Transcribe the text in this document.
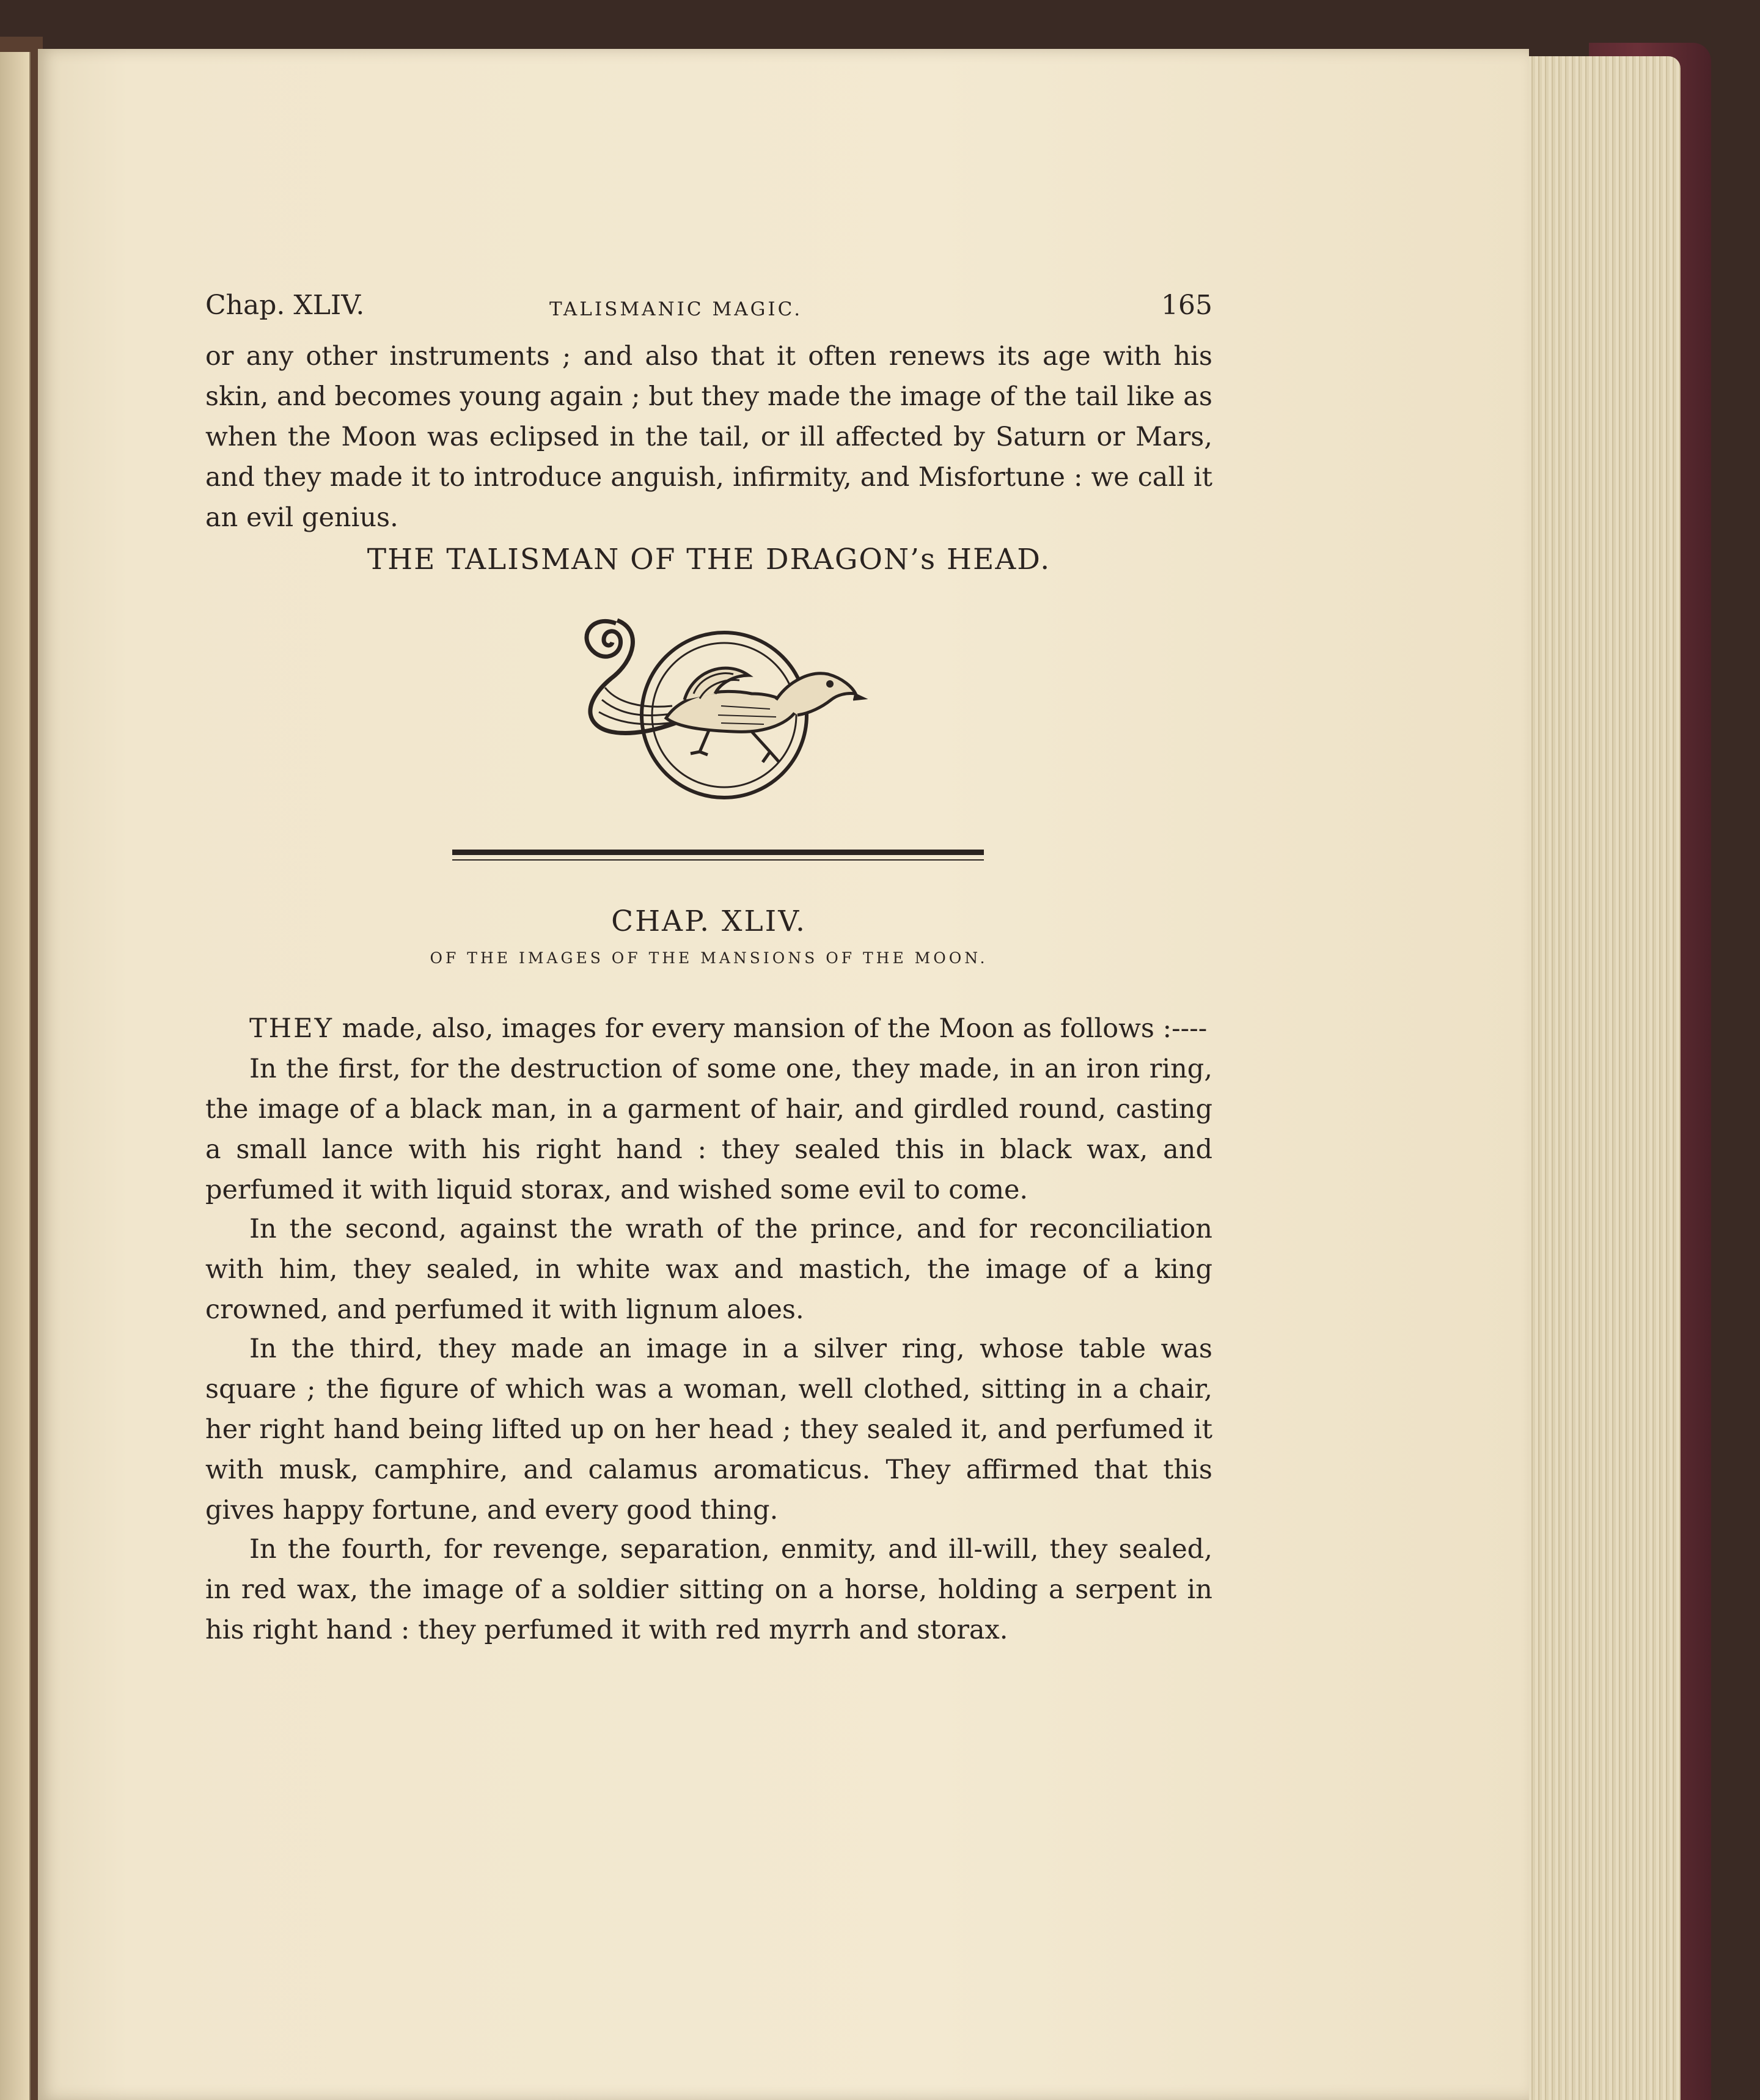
Chap. XLIV.	TALISMANIC MAGIC.	165

or any other instruments ; and also that it often renews its age with his skin, and becomes young again ; but they made the image of the tail like as when the Moon was eclipsed in the tail, or ill affected by Saturn or Mars, and they made it to introduce anguish, infirmity, and Misfortune : we call it an evil genius.

THE TALISMAN OF THE DRAGON’s HEAD.
CHAP. XLIV.
OF THE IMAGES OF THE MANSIONS OF THE MOON.

THEY made, also, images for every mansion of the Moon as follows :----

In the first, for the destruction of some one, they made, in an iron ring, the image of a black man, in a garment of hair, and girdled round, casting a small lance with his right hand : they sealed this in black wax, and perfumed it with liquid storax, and wished some evil to come.

In the second, against the wrath of the prince, and for reconciliation with him, they sealed, in white wax and mastich, the image of a king crowned, and perfumed it with lignum aloes.

In the third, they made an image in a silver ring, whose table was square ; the figure of which was a woman, well clothed, sitting in a chair, her right hand being lifted up on her head ; they sealed it, and perfumed it with musk, camphire, and calamus aromaticus. They affirmed that this gives happy fortune, and every good thing.

In the fourth, for revenge, separation, enmity, and ill-will, they sealed, in red wax, the image of a soldier sitting on a horse, holding a serpent in his right hand : they perfumed it with red myrrh and storax.
